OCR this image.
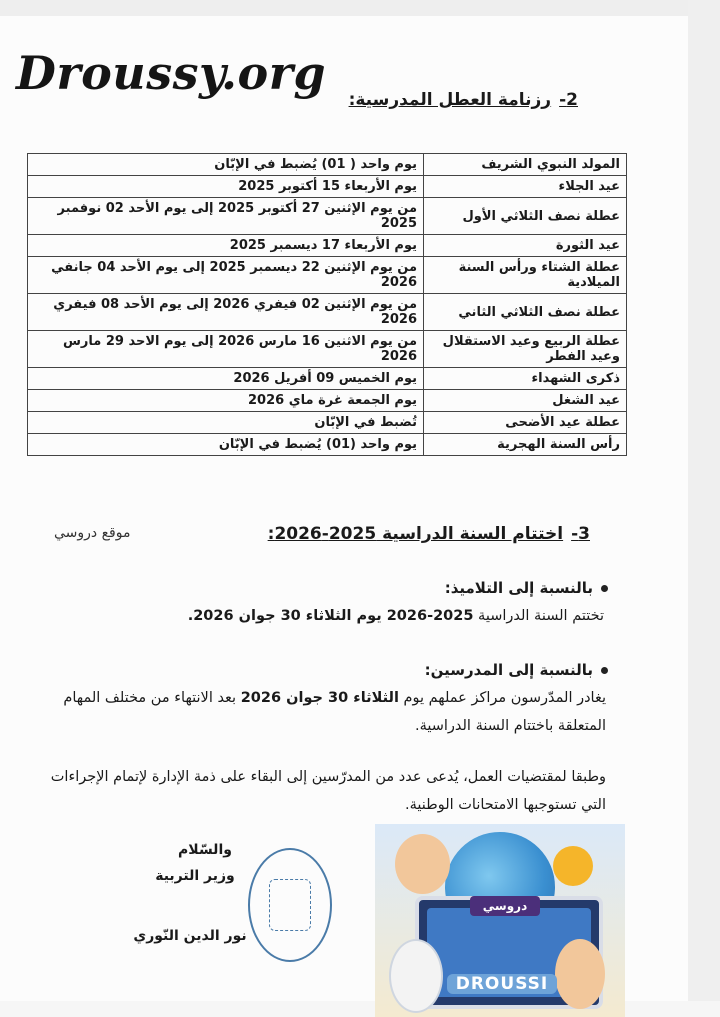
Droussy.org	2-رزنامة العطل المدرسية:
المولد النبوي الشريف	يوم واحد ( 01) يُضبط في الإبّان
عيد الجلاء	يوم الأربعاء 15 أكتوبر 2025
عطلة نصف الثلاثي الأول	من يوم الإثنين 27 أكتوبر 2025 إلى يوم الأحد 02 نوفمبر 2025
عيد الثورة	يوم الأربعاء 17 ديسمبر 2025
عطلة الشتاء ورأس السنة الميلادية	من يوم الإثنين 22 ديسمبر 2025 إلى يوم الأحد 04 جانفي 2026
عطلة نصف الثلاثي الثاني	من يوم الإثنين 02 فيفري 2026 إلى يوم الأحد 08 فيفري 2026
عطلة الربيع وعيد الاستقلال وعيد الفطر	من يوم الاثنين 16 مارس 2026 إلى يوم الاحد 29 مارس 2026
ذكرى الشهداء	يوم الخميس 09 أفريل 2026
عيد الشغل	يوم الجمعة غرة ماي 2026
عطلة عيد الأضحى	تُضبط في الإبّان
رأس السنة الهجرية	يوم واحد (01) يُضبط في الإبّان
موقع دروسي	3-اختتام السنة الدراسية 2025-2026:
بالنسبة إلى التلاميذ:
تختتم السنة الدراسية 2025-2026 يوم الثلاثاء 30 جوان 2026.
بالنسبة إلى المدرسين:
يغادر المدّرسون مراكز عملهم يوم الثلاثاء 30 جوان 2026 بعد الانتهاء من مختلف المهام المتعلقة باختتام السنة الدراسية.
وطبقا لمقتضيات العمل، يُدعى عدد من المدرّسين إلى البقاء على ذمة الإدارة لإتمام الإجراءات التي تستوجبها الامتحانات الوطنية.
والسّلام
وزير التربية
نور الدين النّوري
دروسي
DROUSSI
